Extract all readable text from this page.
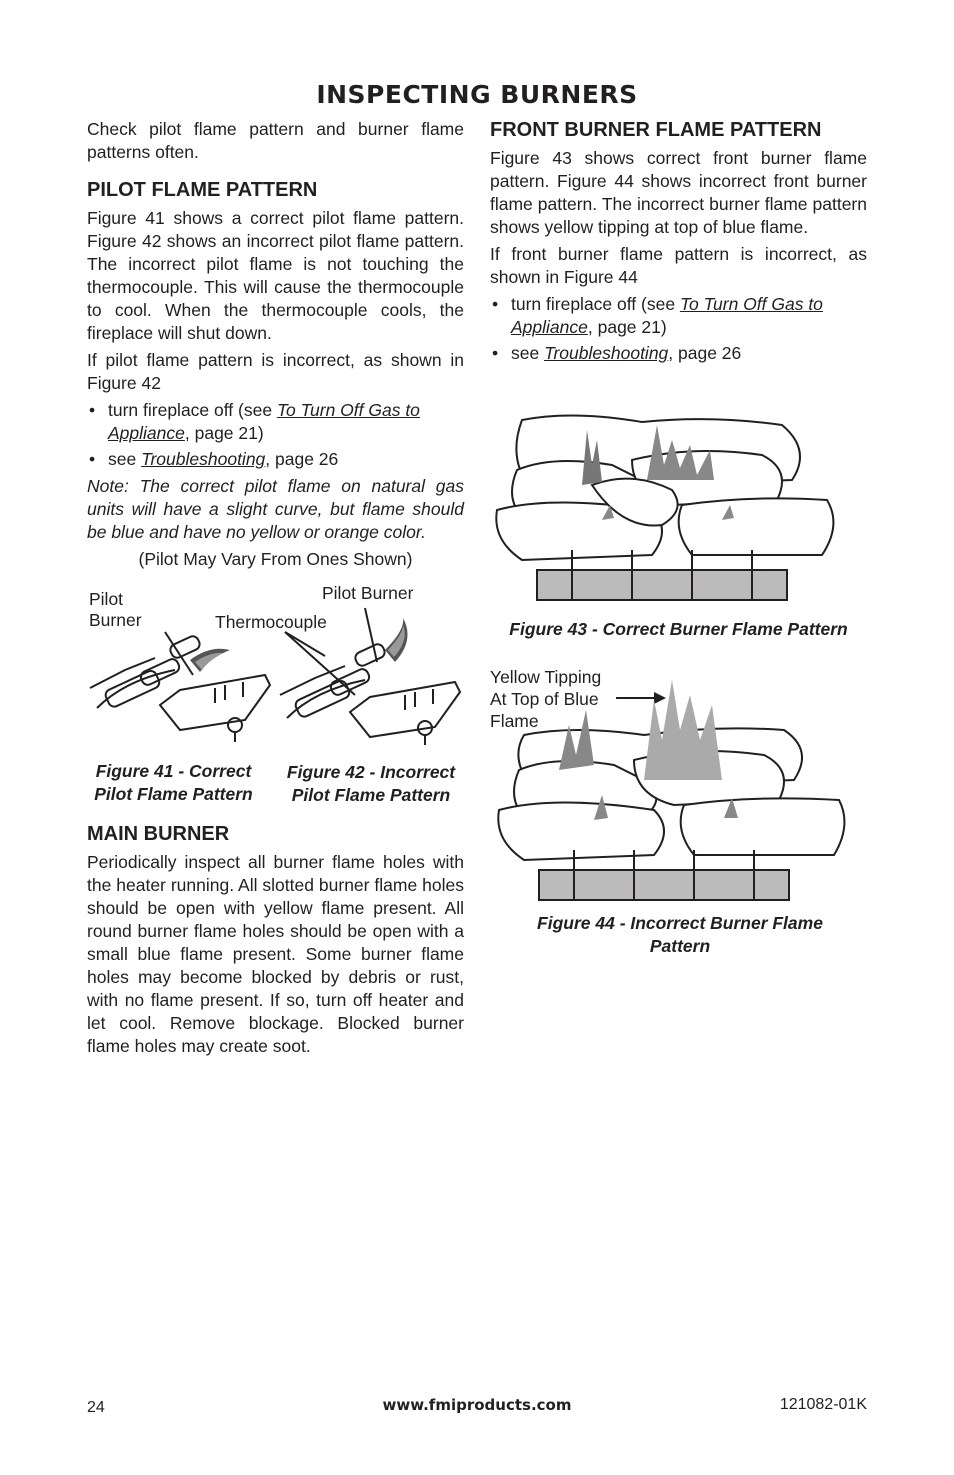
INSPECTING BURNERS

Check pilot flame pattern and burner flame patterns often.

PILOT FLAME PATTERN

Figure 41 shows a correct pilot flame pattern. Figure 42 shows an incorrect pilot flame pattern. The incorrect pilot flame is not touching the thermocouple. This will cause the thermocouple to cool. When the thermocouple cools, the fireplace will shut down.

If pilot flame pattern is incorrect, as shown in Figure 42

• turn fireplace off (see To Turn Off Gas to Appliance, page 21)
• see Troubleshooting, page 26

Note: The correct pilot flame on natural gas units will have a slight curve, but flame should be blue and have no yellow or orange color.

(Pilot May Vary From Ones Shown)

Pilot
Burner	Thermocouple
Pilot Burner
Figure 41 - Correct Pilot Flame Pattern
Figure 42 - Incorrect Pilot Flame Pattern
MAIN BURNER

Periodically inspect all burner flame holes with the heater running. All slotted burner flame holes should be open with yellow flame present. All round burner flame holes should be open with a small blue flame present. Some burner flame holes may become blocked by debris or rust, with no flame present. If so, turn off heater and let cool. Remove blockage. Blocked burner flame holes may create soot.

FRONT BURNER FLAME PATTERN

Figure 43 shows correct front burner flame pattern. Figure 44 shows incorrect front burner flame pattern. The incorrect burner flame pattern shows yellow tipping at top of blue flame.

If front burner flame pattern is incorrect, as shown in Figure 44

• turn fireplace off (see To Turn Off Gas to Appliance, page 21)
• see Troubleshooting, page 26
Figure 43 - Correct Burner Flame Pattern
Yellow Tipping
At Top of Blue
Flame
Figure 44 - Incorrect Burner Flame Pattern
24	www.fmiproducts.com	121082-01K
